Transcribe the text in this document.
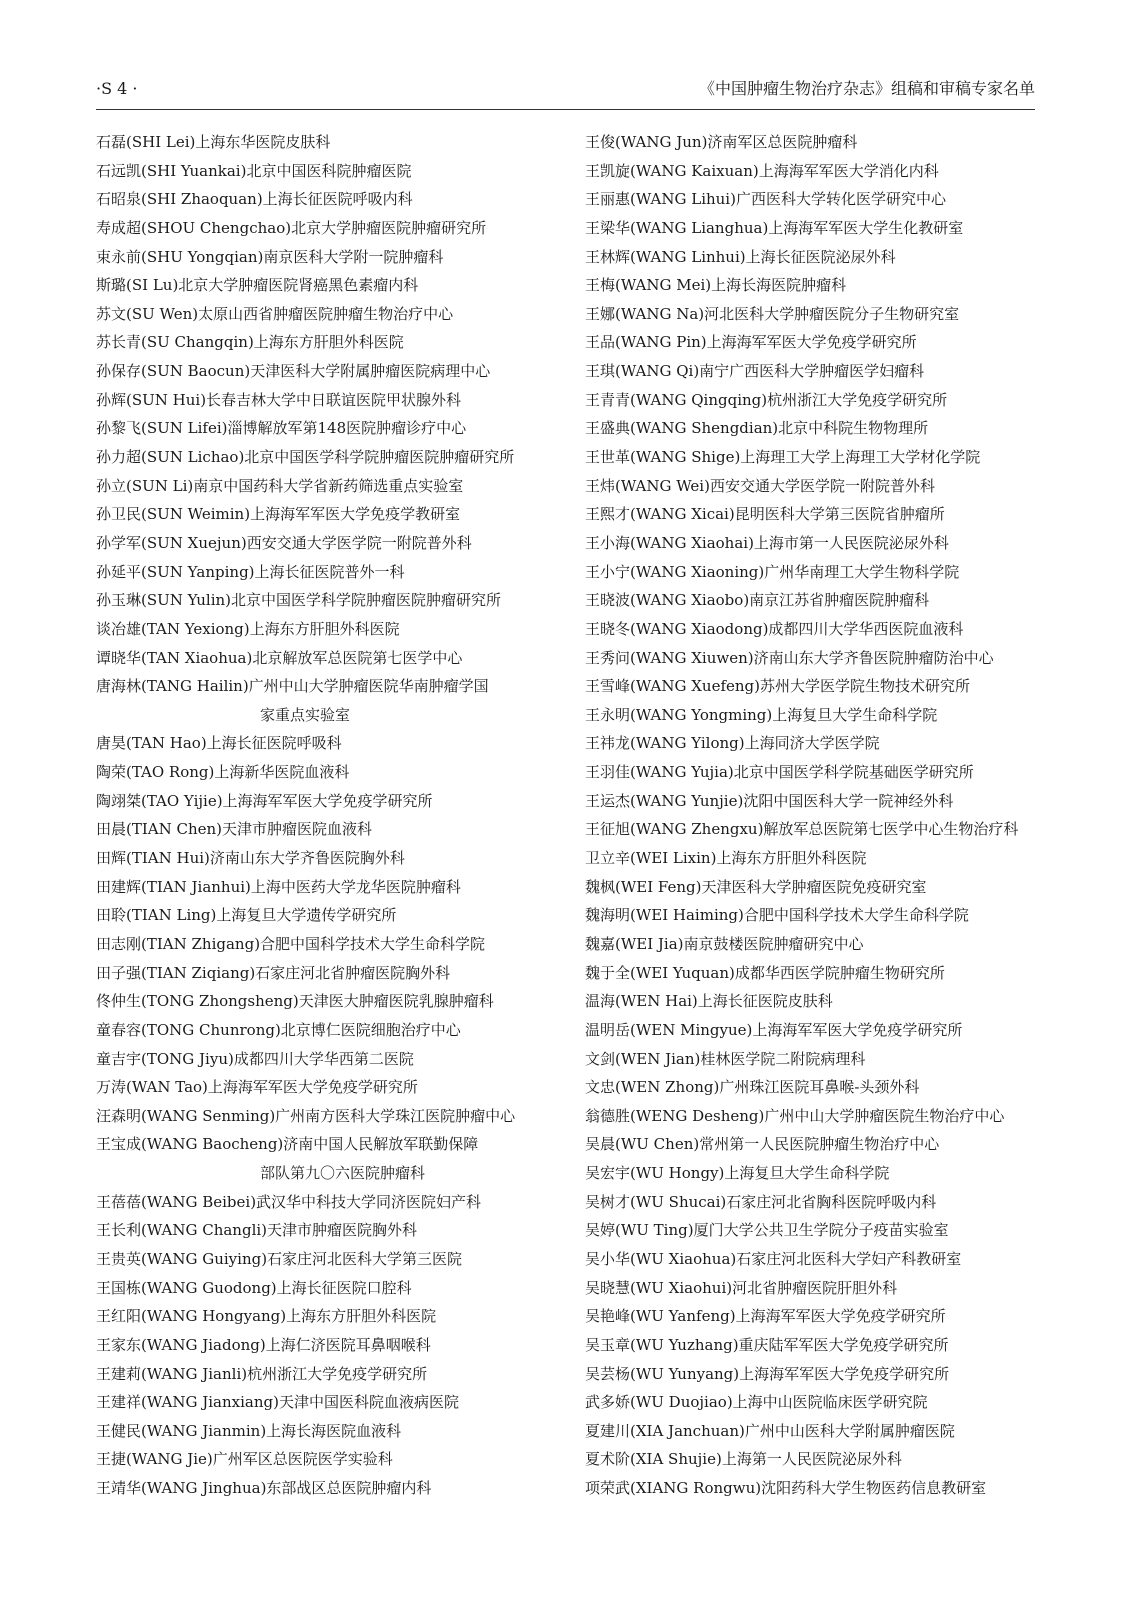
·S 4 ·	《中国肿瘤生物治疗杂志》组稿和审稿专家名单
石磊(SHI Lei)上海东华医院皮肤科
石远凯(SHI Yuankai)北京中国医科院肿瘤医院
石昭泉(SHI Zhaoquan)上海长征医院呼吸内科
寿成超(SHOU Chengchao)北京大学肿瘤医院肿瘤研究所
束永前(SHU Yongqian)南京医科大学附一院肿瘤科
斯璐(SI Lu)北京大学肿瘤医院肾癌黑色素瘤内科
苏文(SU Wen)太原山西省肿瘤医院肿瘤生物治疗中心
苏长青(SU Changqin)上海东方肝胆外科医院
孙保存(SUN Baocun)天津医科大学附属肿瘤医院病理中心
孙辉(SUN Hui)长春吉林大学中日联谊医院甲状腺外科
孙黎飞(SUN Lifei)淄博解放军第148医院肿瘤诊疗中心
孙力超(SUN Lichao)北京中国医学科学院肿瘤医院肿瘤研究所
孙立(SUN Li)南京中国药科大学省新药筛选重点实验室
孙卫民(SUN Weimin)上海海军军医大学免疫学教研室
孙学军(SUN Xuejun)西安交通大学医学院一附院普外科
孙延平(SUN Yanping)上海长征医院普外一科
孙玉琳(SUN Yulin)北京中国医学科学院肿瘤医院肿瘤研究所
谈冶雄(TAN Yexiong)上海东方肝胆外科医院
谭晓华(TAN Xiaohua)北京解放军总医院第七医学中心
唐海林(TANG Hailin)广州中山大学肿瘤医院华南肿瘤学国
家重点实验室
唐昊(TAN Hao)上海长征医院呼吸科
陶荣(TAO Rong)上海新华医院血液科
陶翊桀(TAO Yijie)上海海军军医大学免疫学研究所
田晨(TIAN Chen)天津市肿瘤医院血液科
田辉(TIAN Hui)济南山东大学齐鲁医院胸外科
田建辉(TIAN Jianhui)上海中医药大学龙华医院肿瘤科
田聆(TIAN Ling)上海复旦大学遗传学研究所
田志刚(TIAN Zhigang)合肥中国科学技术大学生命科学院
田子强(TIAN Ziqiang)石家庄河北省肿瘤医院胸外科
佟仲生(TONG Zhongsheng)天津医大肿瘤医院乳腺肿瘤科
童春容(TONG Chunrong)北京博仁医院细胞治疗中心
童吉宇(TONG Jiyu)成都四川大学华西第二医院
万涛(WAN Tao)上海海军军医大学免疫学研究所
汪森明(WANG Senming)广州南方医科大学珠江医院肿瘤中心
王宝成(WANG Baocheng)济南中国人民解放军联勤保障
部队第九〇六医院肿瘤科
王蓓蓓(WANG Beibei)武汉华中科技大学同济医院妇产科
王长利(WANG Changli)天津市肿瘤医院胸外科
王贵英(WANG Guiying)石家庄河北医科大学第三医院
王国栋(WANG Guodong)上海长征医院口腔科
王红阳(WANG Hongyang)上海东方肝胆外科医院
王家东(WANG Jiadong)上海仁济医院耳鼻咽喉科
王建莉(WANG Jianli)杭州浙江大学免疫学研究所
王建祥(WANG Jianxiang)天津中国医科院血液病医院
王健民(WANG Jianmin)上海长海医院血液科
王捷(WANG Jie)广州军区总医院医学实验科
王靖华(WANG Jinghua)东部战区总医院肿瘤内科
王俊(WANG Jun)济南军区总医院肿瘤科
王凯旋(WANG Kaixuan)上海海军军医大学消化内科
王丽惠(WANG Lihui)广西医科大学转化医学研究中心
王梁华(WANG Lianghua)上海海军军医大学生化教研室
王林辉(WANG Linhui)上海长征医院泌尿外科
王梅(WANG Mei)上海长海医院肿瘤科
王娜(WANG Na)河北医科大学肿瘤医院分子生物研究室
王品(WANG Pin)上海海军军医大学免疫学研究所
王琪(WANG Qi)南宁广西医科大学肿瘤医学妇瘤科
王青青(WANG Qingqing)杭州浙江大学免疫学研究所
王盛典(WANG Shengdian)北京中科院生物物理所
王世革(WANG Shige)上海理工大学上海理工大学材化学院
王炜(WANG Wei)西安交通大学医学院一附院普外科
王熙才(WANG Xicai)昆明医科大学第三医院省肿瘤所
王小海(WANG Xiaohai)上海市第一人民医院泌尿外科
王小宁(WANG Xiaoning)广州华南理工大学生物科学院
王晓波(WANG Xiaobo)南京江苏省肿瘤医院肿瘤科
王晓冬(WANG Xiaodong)成都四川大学华西医院血液科
王秀问(WANG Xiuwen)济南山东大学齐鲁医院肿瘤防治中心
王雪峰(WANG Xuefeng)苏州大学医学院生物技术研究所
王永明(WANG Yongming)上海复旦大学生命科学院
王祎龙(WANG Yilong)上海同济大学医学院
王羽佳(WANG Yujia)北京中国医学科学院基础医学研究所
王运杰(WANG Yunjie)沈阳中国医科大学一院神经外科
王征旭(WANG Zhengxu)解放军总医院第七医学中心生物治疗科
卫立辛(WEI Lixin)上海东方肝胆外科医院
魏枫(WEI Feng)天津医科大学肿瘤医院免疫研究室
魏海明(WEI Haiming)合肥中国科学技术大学生命科学院
魏嘉(WEI Jia)南京鼓楼医院肿瘤研究中心
魏于全(WEI Yuquan)成都华西医学院肿瘤生物研究所
温海(WEN Hai)上海长征医院皮肤科
温明岳(WEN Mingyue)上海海军军医大学免疫学研究所
文剑(WEN Jian)桂林医学院二附院病理科
文忠(WEN Zhong)广州珠江医院耳鼻喉-头颈外科
翁德胜(WENG Desheng)广州中山大学肿瘤医院生物治疗中心
吴晨(WU Chen)常州第一人民医院肿瘤生物治疗中心
吴宏宇(WU Hongy)上海复旦大学生命科学院
吴树才(WU Shucai)石家庄河北省胸科医院呼吸内科
吴婷(WU Ting)厦门大学公共卫生学院分子疫苗实验室
吴小华(WU Xiaohua)石家庄河北医科大学妇产科教研室
吴晓慧(WU Xiaohui)河北省肿瘤医院肝胆外科
吴艳峰(WU Yanfeng)上海海军军医大学免疫学研究所
吴玉章(WU Yuzhang)重庆陆军军医大学免疫学研究所
吴芸杨(WU Yunyang)上海海军军医大学免疫学研究所
武多娇(WU Duojiao)上海中山医院临床医学研究院
夏建川(XIA Janchuan)广州中山医科大学附属肿瘤医院
夏术阶(XIA Shujie)上海第一人民医院泌尿外科
项荣武(XIANG Rongwu)沈阳药科大学生物医药信息教研室
